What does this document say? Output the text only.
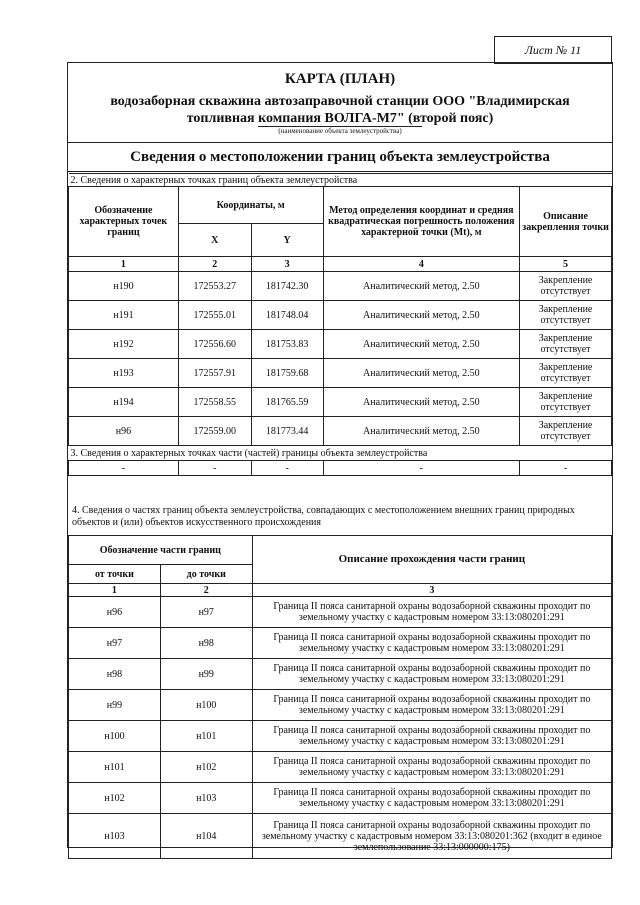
Лист № 11
КАРТА (ПЛАН)
водозаборная скважина автозаправочной станции ООО "Владимирская топливная компания ВОЛГА-М7" (второй пояс)
(наименование объекта землеустройства)
Сведения о местоположении границ объекта землеустройства
2. Сведения о характерных точках границ объекта землеустройства				
Обозначение характерных точек границ	Координаты, м		Метод определения координат и средняя квадратическая погрешность положения характерной точки (Mt), м	Описание закрепления точки
	X	Y		
1	2	3	4	5
н190	172553.27	181742.30	Аналитический метод, 2.50	Закрепление отсутствует
н191	172555.01	181748.04	Аналитический метод, 2.50	Закрепление отсутствует
н192	172556.60	181753.83	Аналитический метод, 2.50	Закрепление отсутствует
н193	172557.91	181759.68	Аналитический метод, 2.50	Закрепление отсутствует
н194	172558.55	181765.59	Аналитический метод, 2.50	Закрепление отсутствует
н96	172559.00	181773.44	Аналитический метод, 2.50	Закрепление отсутствует
3. Сведения о характерных точках части (частей) границы объекта землеустройства				
-	-	-	-	-
4. Сведения о частях границ объекта землеустройства, совпадающих с местоположением внешних границ природных объектов и (или) объектов искусственного происхождения
Обозначение части границ		Описание прохождения части границ
от точки	до точки	
1	2	3
н96	н97	Граница II пояса санитарной охраны водозаборной скважины проходит по земельному участку с кадастровым номером 33:13:080201:291
н97	н98	Граница II пояса санитарной охраны водозаборной скважины проходит по земельному участку с кадастровым номером 33:13:080201:291
н98	н99	Граница II пояса санитарной охраны водозаборной скважины проходит по земельному участку с кадастровым номером 33:13:080201:291
н99	н100	Граница II пояса санитарной охраны водозаборной скважины проходит по земельному участку с кадастровым номером 33:13:080201:291
н100	н101	Граница II пояса санитарной охраны водозаборной скважины проходит по земельному участку с кадастровым номером 33:13:080201:291
н101	н102	Граница II пояса санитарной охраны водозаборной скважины проходит по земельному участку с кадастровым номером 33:13:080201:291
н102	н103	Граница II пояса санитарной охраны водозаборной скважины проходит по земельному участку с кадастровым номером 33:13:080201:291
н103	н104	Граница II пояса санитарной охраны водозаборной скважины проходит по земельному участку с кадастровым номером 33:13:080201:362 (входит в единое землепользование 33:13:000000:175)
